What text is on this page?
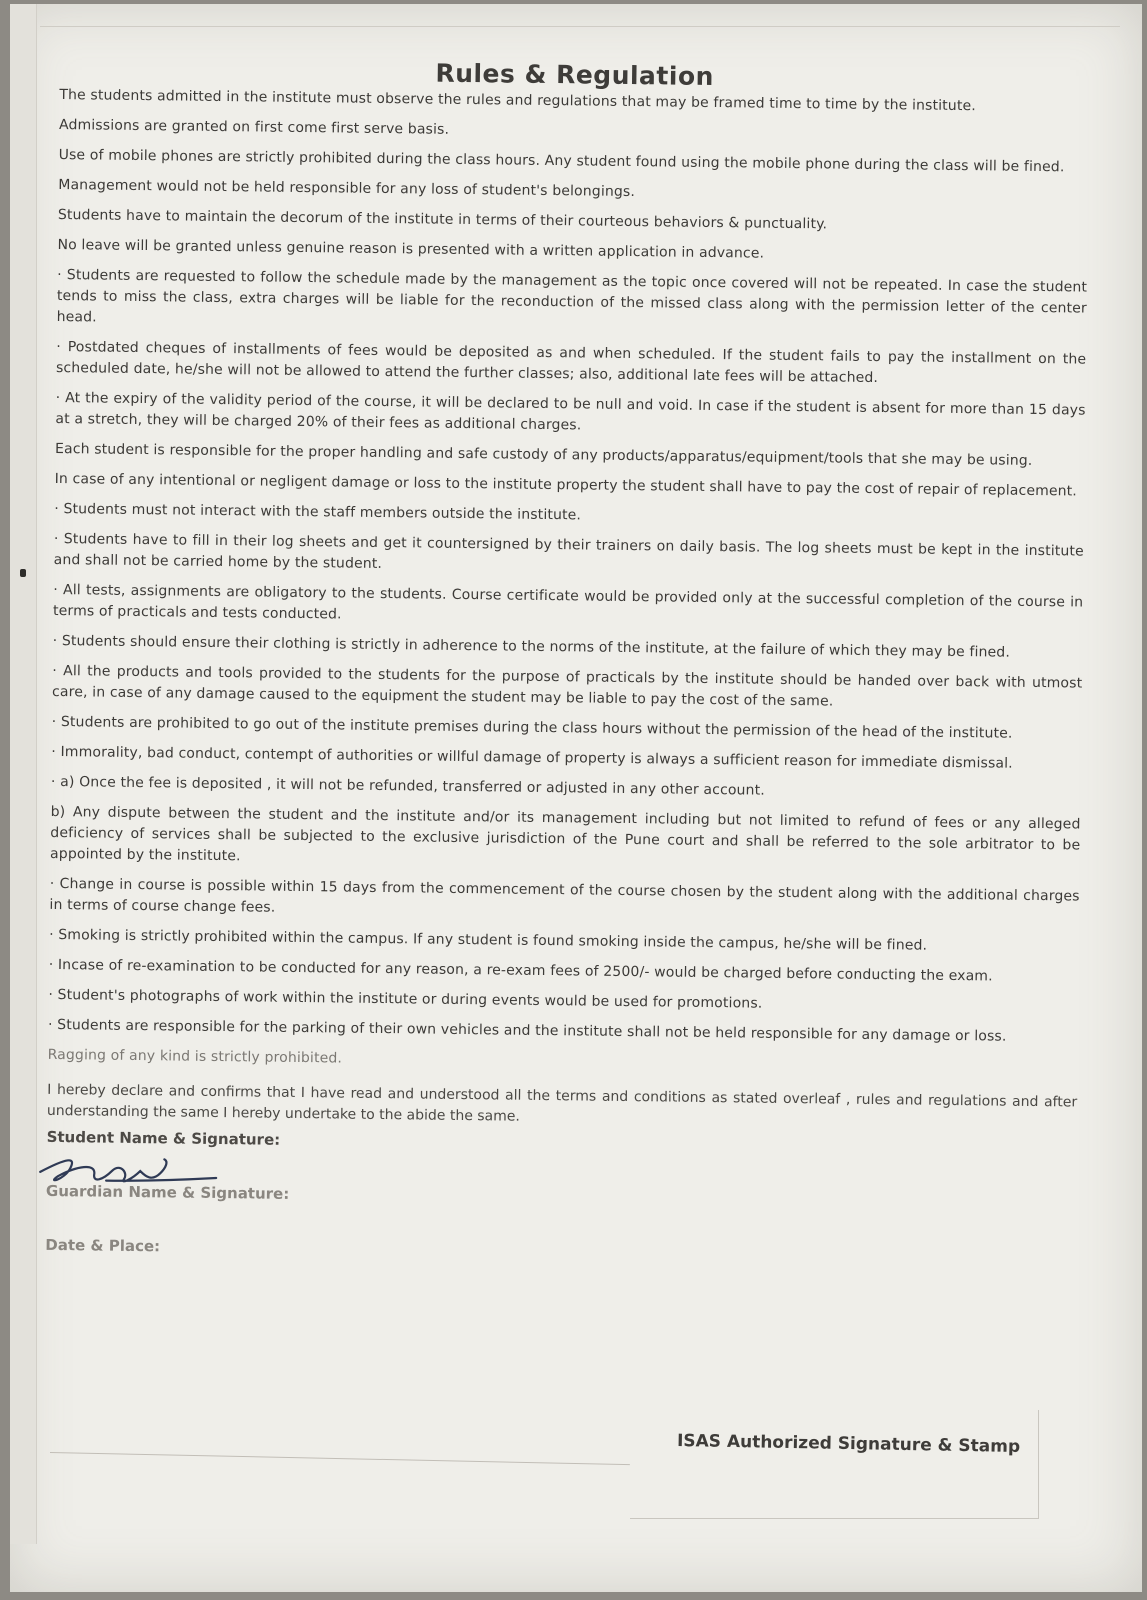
Rules & Regulation
The students admitted in the institute must observe the rules and regulations that may be framed time to time by the institute.
Admissions are granted on first come first serve basis.
Use of mobile phones are strictly prohibited during the class hours. Any student found using the mobile phone during the class will be fined.
Management would not be held responsible for any loss of student's belongings.
Students have to maintain the decorum of the institute in terms of their courteous behaviors & punctuality.
No leave will be granted unless genuine reason is presented with a written application in advance.
· Students are requested to follow the schedule made by the management as the topic once covered will not be repeated. In case the student tends to miss the class, extra charges will be liable for the reconduction of the missed class along with the permission letter of the center head.
· Postdated cheques of installments of fees would be deposited as and when scheduled. If the student fails to pay the installment on the scheduled date, he/she will not be allowed to attend the further classes; also, additional late fees will be attached.
· At the expiry of the validity period of the course, it will be declared to be null and void. In case if the student is absent for more than 15 days at a stretch, they will be charged 20% of their fees as additional charges.
Each student is responsible for the proper handling and safe custody of any products/apparatus/equipment/tools that she may be using.
In case of any intentional or negligent damage or loss to the institute property the student shall have to pay the cost of repair of replacement.
· Students must not interact with the staff members outside the institute.
· Students have to fill in their log sheets and get it countersigned by their trainers on daily basis. The log sheets must be kept in the institute and shall not be carried home by the student.
· All tests, assignments are obligatory to the students. Course certificate would be provided only at the successful completion of the course in terms of practicals and tests conducted.
· Students should ensure their clothing is strictly in adherence to the norms of the institute, at the failure of which they may be fined.
· All the products and tools provided to the students for the purpose of practicals by the institute should be handed over back with utmost care, in case of any damage caused to the equipment the student may be liable to pay the cost of the same.
· Students are prohibited to go out of the institute premises during the class hours without the permission of the head of the institute.
· Immorality, bad conduct, contempt of authorities or willful damage of property is always a sufficient reason for immediate dismissal.
· a) Once the fee is deposited , it will not be refunded, transferred or adjusted in any other account.
b) Any dispute between the student and the institute and/or its management including but not limited to refund of fees or any alleged deficiency of services shall be subjected to the exclusive jurisdiction of the Pune court and shall be referred to the sole arbitrator to be appointed by the institute.
· Change in course is possible within 15 days from the commencement of the course chosen by the student along with the additional charges in terms of course change fees.
· Smoking is strictly prohibited within the campus. If any student is found smoking inside the campus, he/she will be fined.
· Incase of re-examination to be conducted for any reason, a re-exam fees of 2500/- would be charged before conducting the exam.
· Student's photographs of work within the institute or during events would be used for promotions.
· Students are responsible for the parking of their own vehicles and the institute shall not be held responsible for any damage or loss.
Ragging of any kind is strictly prohibited.
I hereby declare and confirms that I have read and understood all the terms and conditions as stated overleaf , rules and regulations and after understanding the same I hereby undertake to the abide the same.
Student Name & Signature:
Guardian Name & Signature:
Date & Place:
ISAS Authorized Signature & Stamp
